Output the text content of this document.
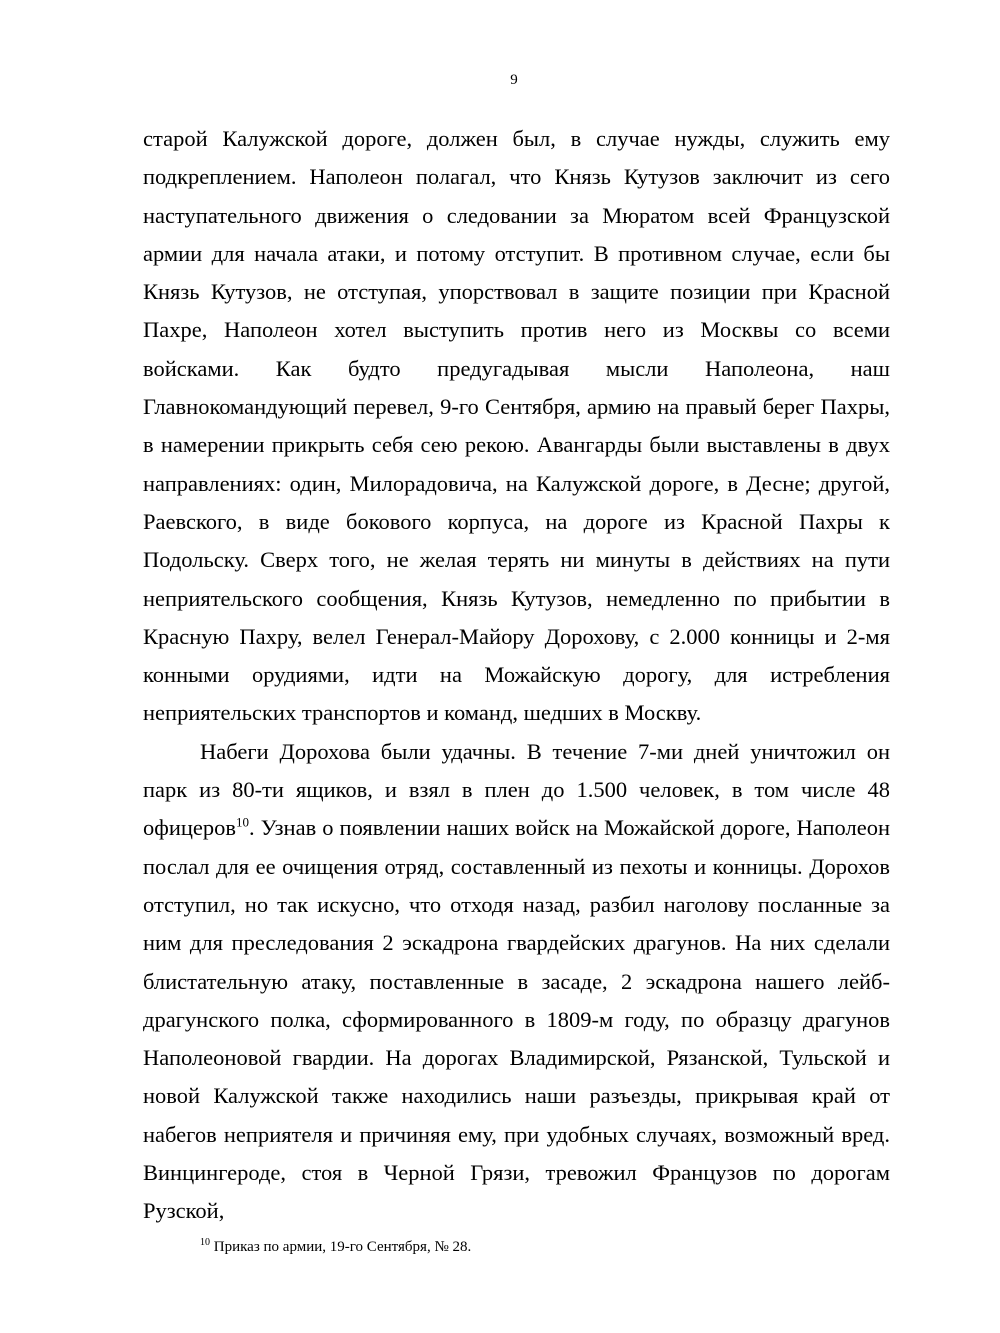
9

старой Калужской дороге, должен был, в случае нужды, служить ему подкреплением. Наполеон полагал, что Князь Кутузов заключит из сего наступательного движения о следовании за Мюратом всей Французской армии для начала атаки, и потому отступит. В противном случае, если бы Князь Кутузов, не отступая, упорствовал в защите позиции при Красной Пахре, Наполеон хотел выступить против него из Москвы со всеми войсками. Как будто предугадывая мысли Наполеона, наш Главнокомандующий перевел, 9-го Сентября, армию на правый берег Пахры, в намерении прикрыть себя сею рекою. Авангарды были выставлены в двух направлениях: один, Милорадовича, на Калужской дороге, в Десне; другой, Раевского, в виде бокового корпуса, на дороге из Красной Пахры к Подольску. Сверх того, не желая терять ни минуты в действиях на пути неприятельского сообщения, Князь Кутузов, немедленно по прибытии в Красную Пахру, велел Генерал-Майору Дорохову, с 2.000 конницы и 2-мя конными орудиями, идти на Можайскую дорогу, для истребления неприятельских транспортов и команд, шедших в Москву.

Набеги Дорохова были удачны. В течение 7-ми дней уничтожил он парк из 80-ти ящиков, и взял в плен до 1.500 человек, в том числе 48 офицеров$^{10}$. Узнав о появлении наших войск на Можайской дороге, Наполеон послал для ее очищения отряд, составленный из пехоты и конницы. Дорохов отступил, но так искусно, что отходя назад, разбил наголову посланные за ним для преследования 2 эскадрона гвардейских драгунов. На них сделали блистательную атаку, поставленные в засаде, 2 эскадрона нашего лейб-драгунского полка, сформированного в 1809-м году, по образцу драгунов Наполеоновой гвардии. На дорогах Владимирской, Рязанской, Тульской и новой Калужской также находились наши разъезды, прикрывая край от набегов неприятеля и причиняя ему, при удобных случаях, возможный вред. Винцингероде, стоя в Черной Грязи, тревожил Французов по дорогам Рузской,

$^{10}$ Приказ по армии, 19-го Сентября, № 28.
